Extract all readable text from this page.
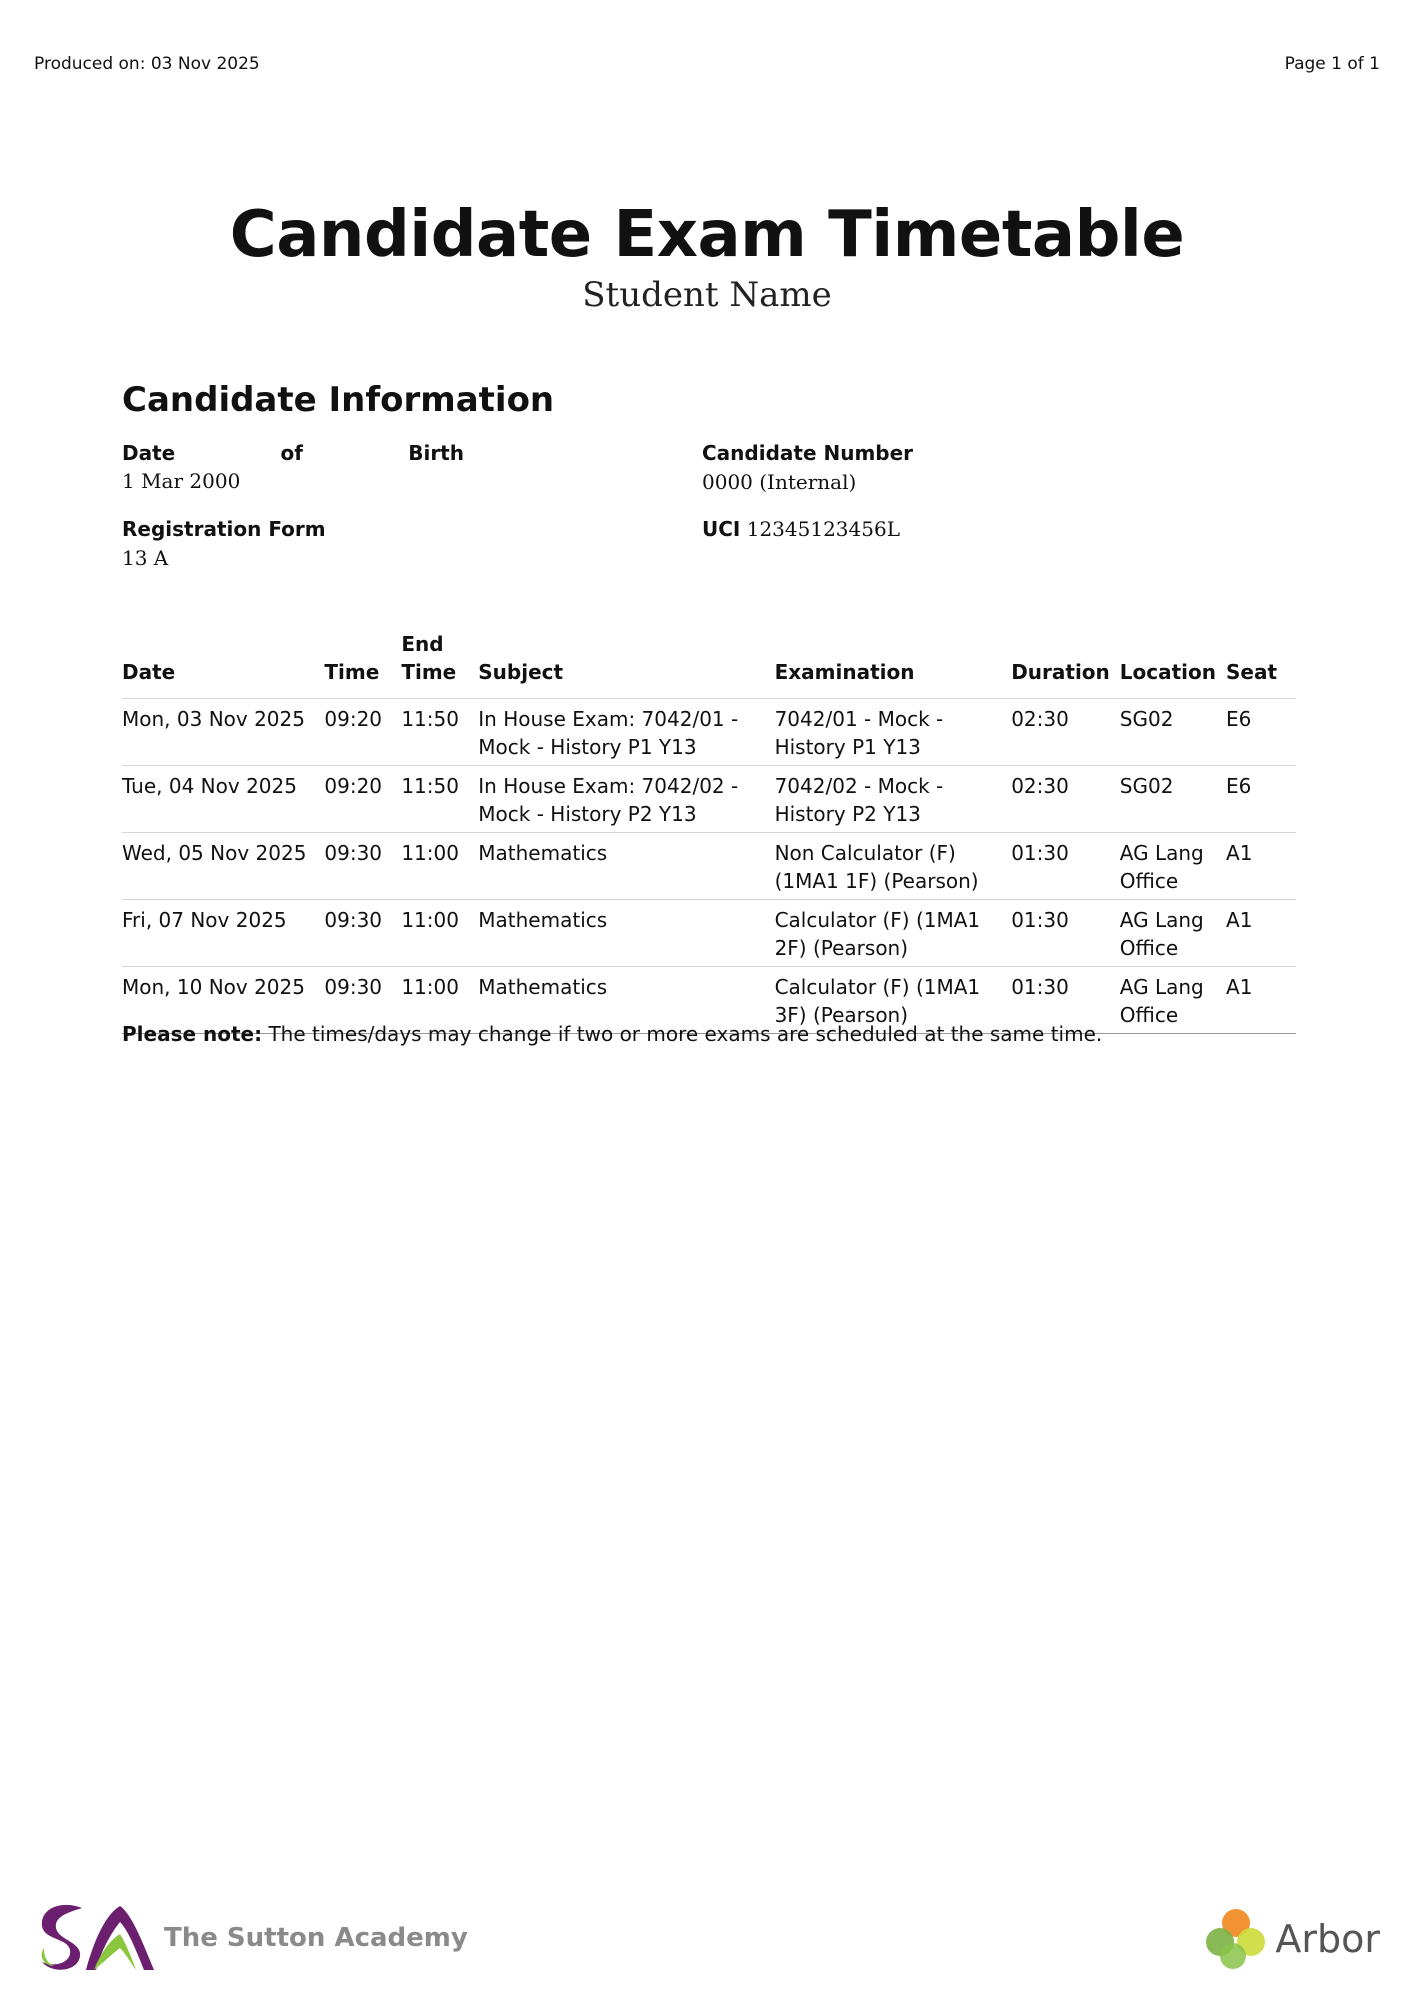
Produced on: 03 Nov 2025	Page 1 of 1
Candidate Exam Timetable
Student Name
Candidate Information
Date	of	Birth
1 Mar 2000
Candidate Number
0000 (Internal)
Registration Form
13 A
UCI 12345123456L
Date	Time	End Time	Subject	Examination	Duration	Location	Seat
Mon, 03 Nov 2025	09:20	11:50	In House Exam: 7042/01 - Mock - History P1 Y13	7042/01 - Mock - History P1 Y13	02:30	SG02	E6
Tue, 04 Nov 2025	09:20	11:50	In House Exam: 7042/02 - Mock - History P2 Y13	7042/02 - Mock - History P2 Y13	02:30	SG02	E6
Wed, 05 Nov 2025	09:30	11:00	Mathematics	Non Calculator (F) (1MA1 1F) (Pearson)	01:30	AG Lang Office	A1
Fri, 07 Nov 2025	09:30	11:00	Mathematics	Calculator (F) (1MA1 2F) (Pearson)	01:30	AG Lang Office	A1
Mon, 10 Nov 2025	09:30	11:00	Mathematics	Calculator (F) (1MA1 3F) (Pearson)	01:30	AG Lang Office	A1
Please note: The times/days may change if two or more exams are scheduled at the same time.
The Sutton Academy	Arbor
